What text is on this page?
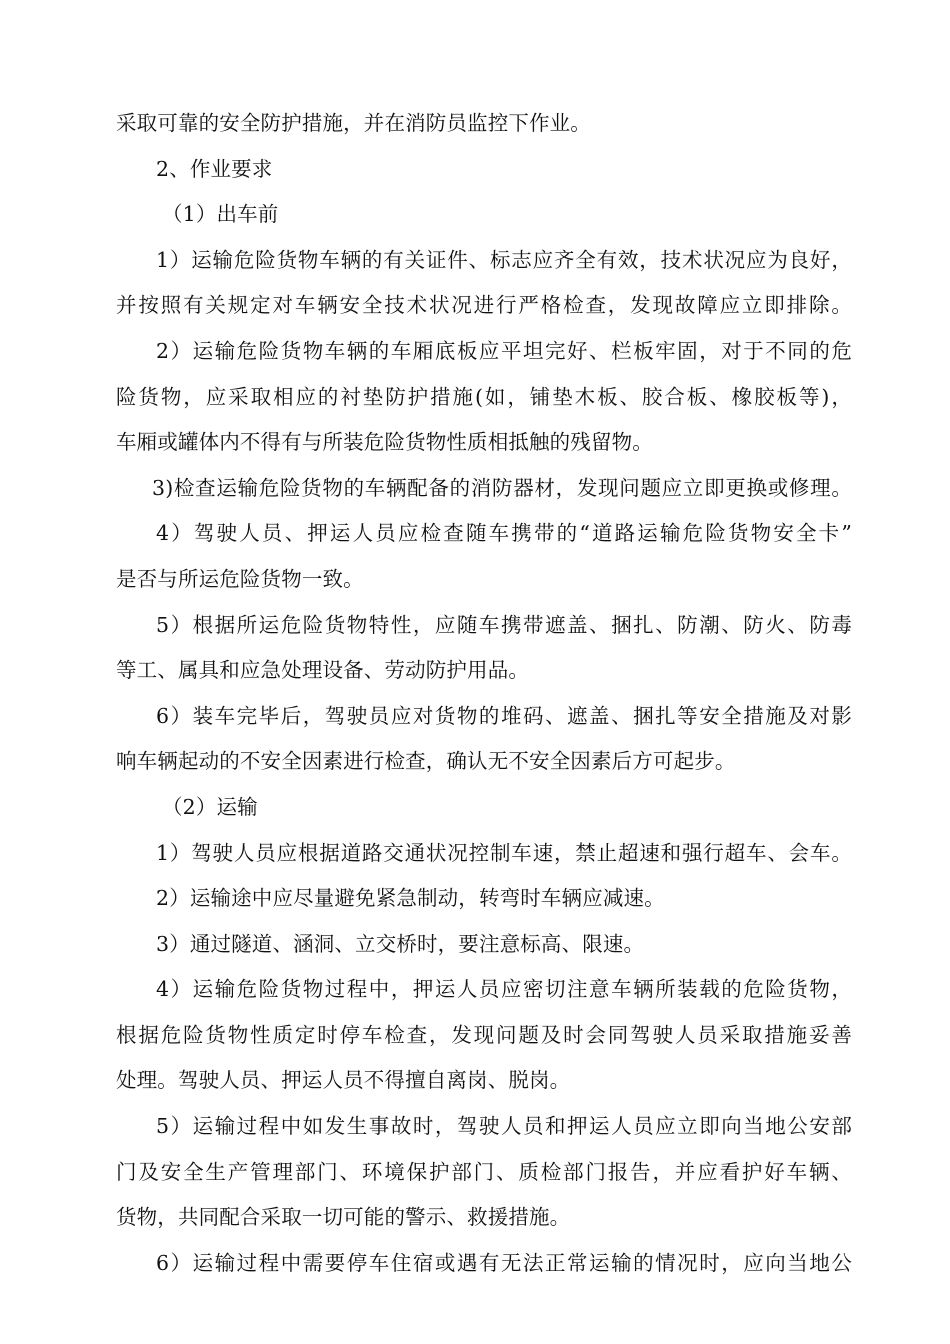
采取可靠的安全防护措施，并在消防员监控下作业。
2、作业要求
（1）出车前
1）运输危险货物车辆的有关证件、标志应齐全有效，技术状况应为良好，
并按照有关规定对车辆安全技术状况进行严格检查，发现故障应立即排除。
2）运输危险货物车辆的车厢底板应平坦完好、栏板牢固，对于不同的危
险货物，应采取相应的衬垫防护措施(如，铺垫木板、胶合板、橡胶板等)，
车厢或罐体内不得有与所装危险货物性质相抵触的残留物。
3)检查运输危险货物的车辆配备的消防器材，发现问题应立即更换或修理。
4）驾驶人员、押运人员应检查随车携带的“道路运输危险货物安全卡”
是否与所运危险货物一致。
5）根据所运危险货物特性，应随车携带遮盖、捆扎、防潮、防火、防毒
等工、属具和应急处理设备、劳动防护用品。
6）装车完毕后，驾驶员应对货物的堆码、遮盖、捆扎等安全措施及对影
响车辆起动的不安全因素进行检查，确认无不安全因素后方可起步。
（2）运输
1）驾驶人员应根据道路交通状况控制车速，禁止超速和强行超车、会车。
2）运输途中应尽量避免紧急制动，转弯时车辆应减速。
3）通过隧道、涵洞、立交桥时，要注意标高、限速。
4）运输危险货物过程中，押运人员应密切注意车辆所装载的危险货物，
根据危险货物性质定时停车检查，发现问题及时会同驾驶人员采取措施妥善
处理。驾驶人员、押运人员不得擅自离岗、脱岗。
5）运输过程中如发生事故时，驾驶人员和押运人员应立即向当地公安部
门及安全生产管理部门、环境保护部门、质检部门报告，并应看护好车辆、
货物，共同配合采取一切可能的警示、救援措施。
6）运输过程中需要停车住宿或遇有无法正常运输的情况时，应向当地公
